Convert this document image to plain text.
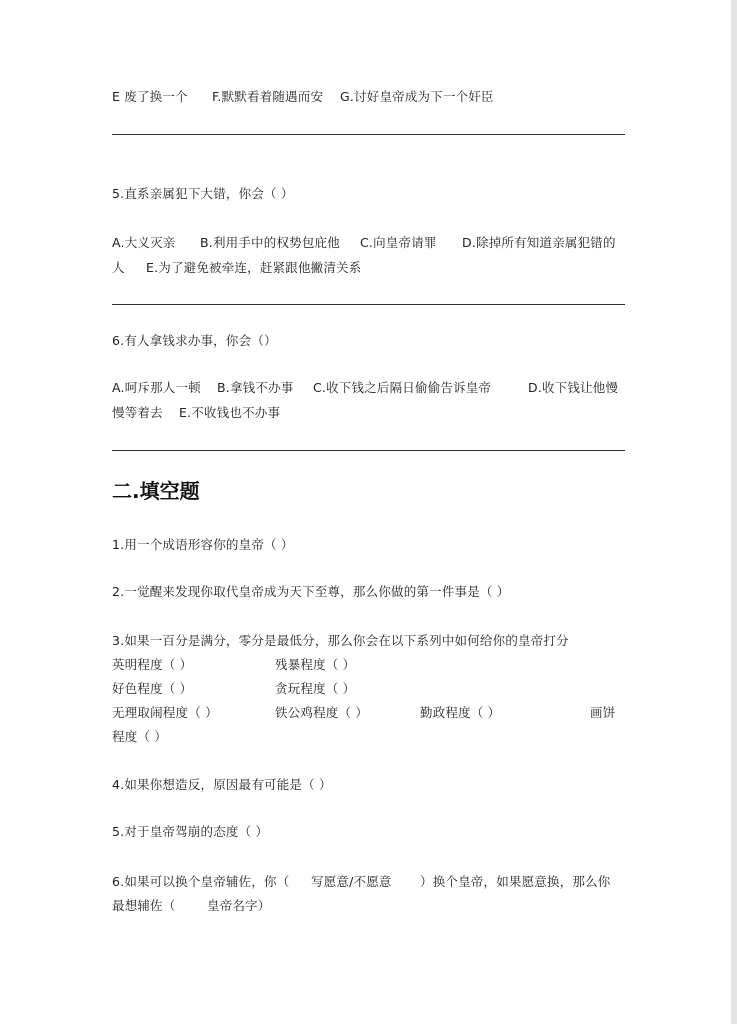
E 废了换一个 F.默默看着随遇而安 G.讨好皇帝成为下一个奸臣
5.直系亲属犯下大错，你会（ ）
A.大义灭亲 B.利用手中的权势包庇他 C.向皇帝请罪 D.除掉所有知道亲属犯错的
人 E.为了避免被牵连，赶紧跟他撇清关系
6.有人拿钱求办事，你会（）
A.呵斥那人一顿 B.拿钱不办事 C.收下钱之后隔日偷偷告诉皇帝	D.收下钱让他慢
慢等着去 E.不收钱也不办事
二.填空题
1.用一个成语形容你的皇帝（ ）
2.一觉醒来发现你取代皇帝成为天下至尊，那么你做的第一件事是（ ）
3.如果一百分是满分，零分是最低分，那么你会在以下系列中如何给你的皇帝打分
英明程度（ ）	残暴程度（ ）
好色程度（ ）	贪玩程度（ ）
无理取闹程度（ ）	铁公鸡程度（ ）	勤政程度（ ）	画饼
程度（ ）
4.如果你想造反，原因最有可能是（ ）
5.对于皇帝驾崩的态度（ ）
6.如果可以换个皇帝辅佐，你（ 写愿意/不愿意 ）换个皇帝，如果愿意换，那么你
最想辅佐（	皇帝名字）
